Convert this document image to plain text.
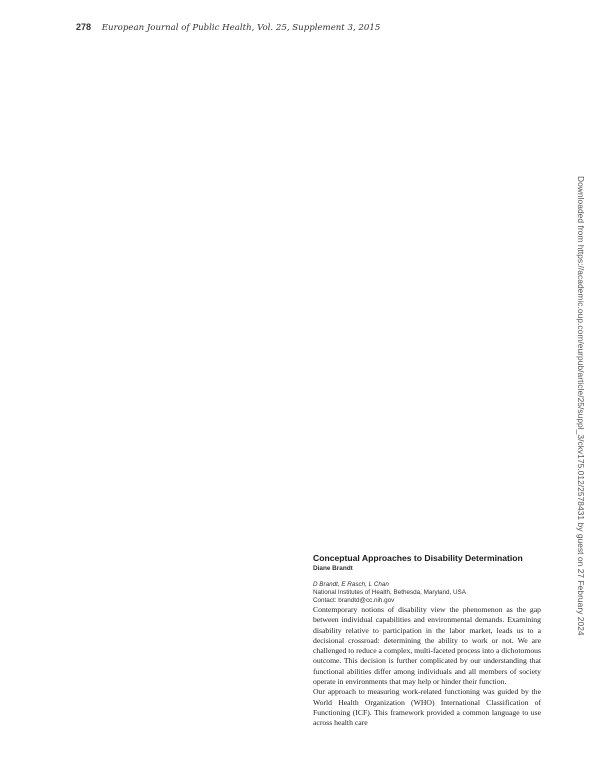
278 European Journal of Public Health, Vol. 25, Supplement 3, 2015
Downloaded from https://academic.oup.com/eurpub/article/25/suppl_3/ckv175.012/2578431 by guest on 27 February 2024
Conceptual Approaches to Disability Determination
Diane Brandt
D Brandt, E Rasch, L Chan
National Institutes of Health, Bethesda, Maryland, USA
Contact: brandtd@cc.nih.gov

Contemporary notions of disability view the phenomenon as the gap between individual capabilities and environmental demands. Examining disability relative to participation in the labor market, leads us to a decisional crossroad: determining the ability to work or not. We are challenged to reduce a complex, multi-faceted process into a dichotomous outcome. This decision is further complicated by our understanding that functional abilities differ among individuals and all members of society operate in environments that may help or hinder their function.

Our approach to measuring work-related functioning was guided by the World Health Organization (WHO) International Classification of Functioning (ICF). This framework provided a common language to use across health care
